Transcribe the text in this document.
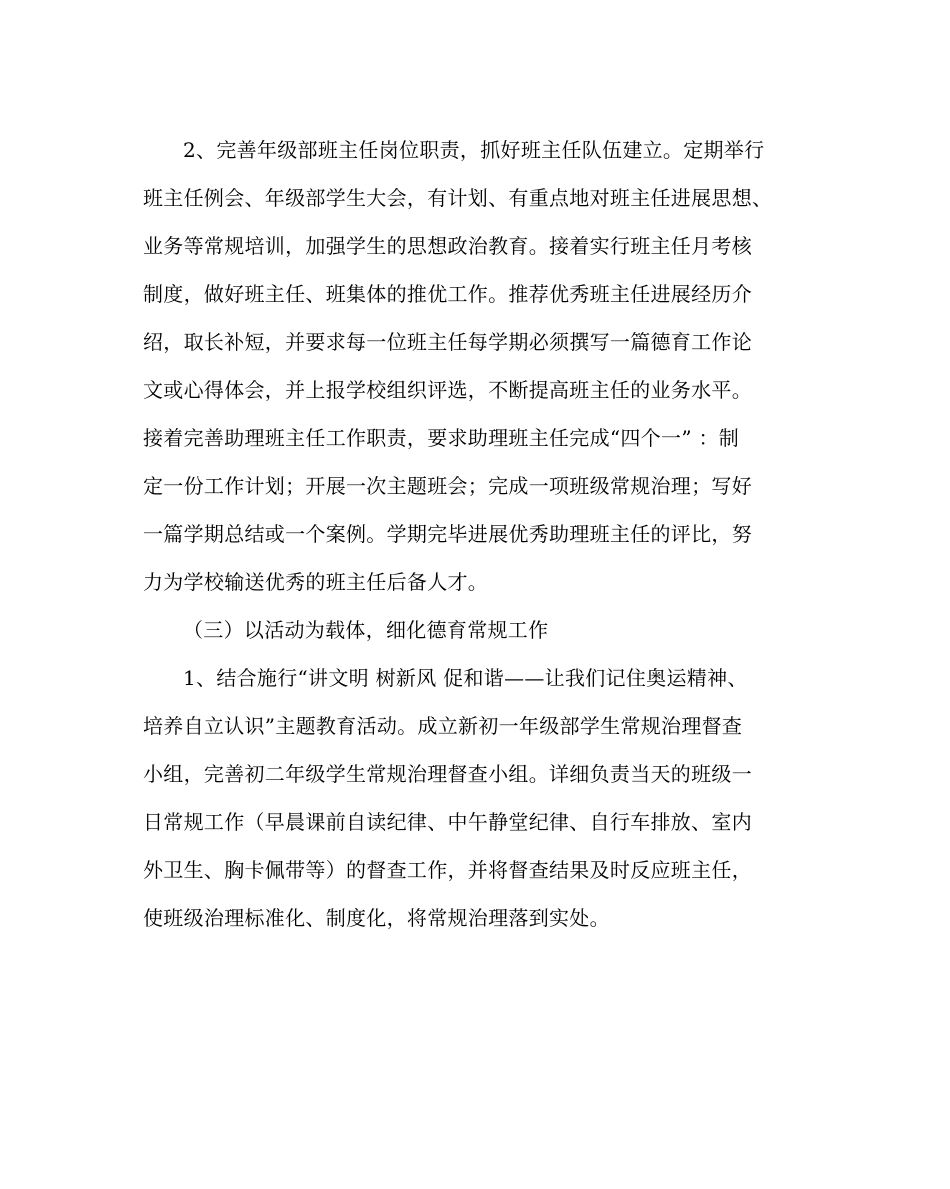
2、完善年级部班主任岗位职责，抓好班主任队伍建立。定期举行
班主任例会、年级部学生大会，有计划、有重点地对班主任进展思想、
业务等常规培训，加强学生的思想政治教育。接着实行班主任月考核
制度，做好班主任、班集体的推优工作。推荐优秀班主任进展经历介
绍，取长补短，并要求每一位班主任每学期必须撰写一篇德育工作论
文或心得体会，并上报学校组织评选，不断提高班主任的业务水平。
接着完善助理班主任工作职责，要求助理班主任完成“四个一” ：制
定一份工作计划；开展一次主题班会；完成一项班级常规治理；写好
一篇学期总结或一个案例。学期完毕进展优秀助理班主任的评比，努
力为学校输送优秀的班主任后备人才。
（三）以活动为载体，细化德育常规工作
1、结合施行“讲文明 树新风 促和谐——让我们记住奥运精神、
培养自立认识”主题教育活动。成立新初一年级部学生常规治理督查
小组，完善初二年级学生常规治理督查小组。详细负责当天的班级一
日常规工作（早晨课前自读纪律、中午静堂纪律、自行车排放、室内
外卫生、胸卡佩带等）的督查工作，并将督查结果及时反应班主任，
使班级治理标准化、制度化，将常规治理落到实处。
